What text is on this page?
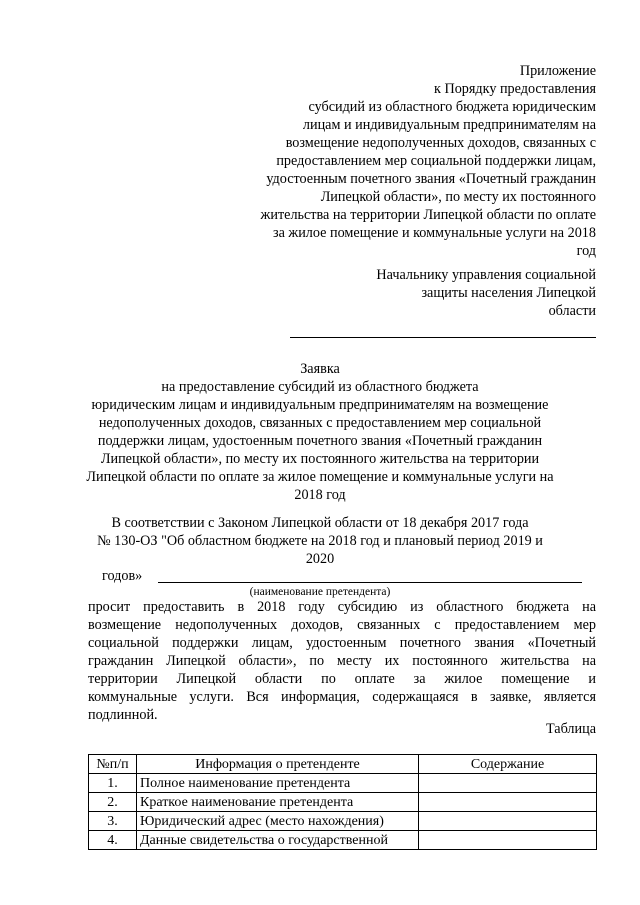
Приложение
к Порядку предоставления
субсидий из областного бюджета юридическим
лицам и индивидуальным предпринимателям на
возмещение недополученных доходов, связанных с
предоставлением мер социальной поддержки лицам,
удостоенным почетного звания «Почетный гражданин
Липецкой области», по месту их постоянного
жительства на территории Липецкой области по оплате
за жилое помещение и коммунальные услуги на 2018
год
Начальнику управления социальной
защиты населения Липецкой
области
Заявка
на предоставление субсидий из областного бюджета
юридическим лицам и индивидуальным предпринимателям на возмещение
недополученных доходов, связанных с предоставлением мер социальной
поддержки лицам, удостоенным почетного звания «Почетный гражданин
Липецкой области», по месту их постоянного жительства на территории
Липецкой области по оплате за жилое помещение и коммунальные услуги на
2018 год
В соответствии с Законом Липецкой области от 18 декабря 2017 года
№ 130-ОЗ "Об областном бюджете на 2018 год и плановый период 2019 и
2020
годов»
(наименование претендента)
просит предоставить в 2018 году субсидию из областного бюджета на
возмещение недополученных доходов, связанных с предоставлением мер
социальной поддержки лицам, удостоенным почетного звания «Почетный
гражданин Липецкой области», по месту их постоянного жительства на
территории Липецкой области по оплате за жилое помещение и
коммунальные услуги. Вся информация, содержащаяся в заявке, является
подлинной.
Таблица
№п/п	Информация о претенденте	Содержание
1.	Полное наименование претендента	
2.	Краткое наименование претендента	
3.	Юридический адрес (место нахождения)	
4.	Данные свидетельства о государственной	
